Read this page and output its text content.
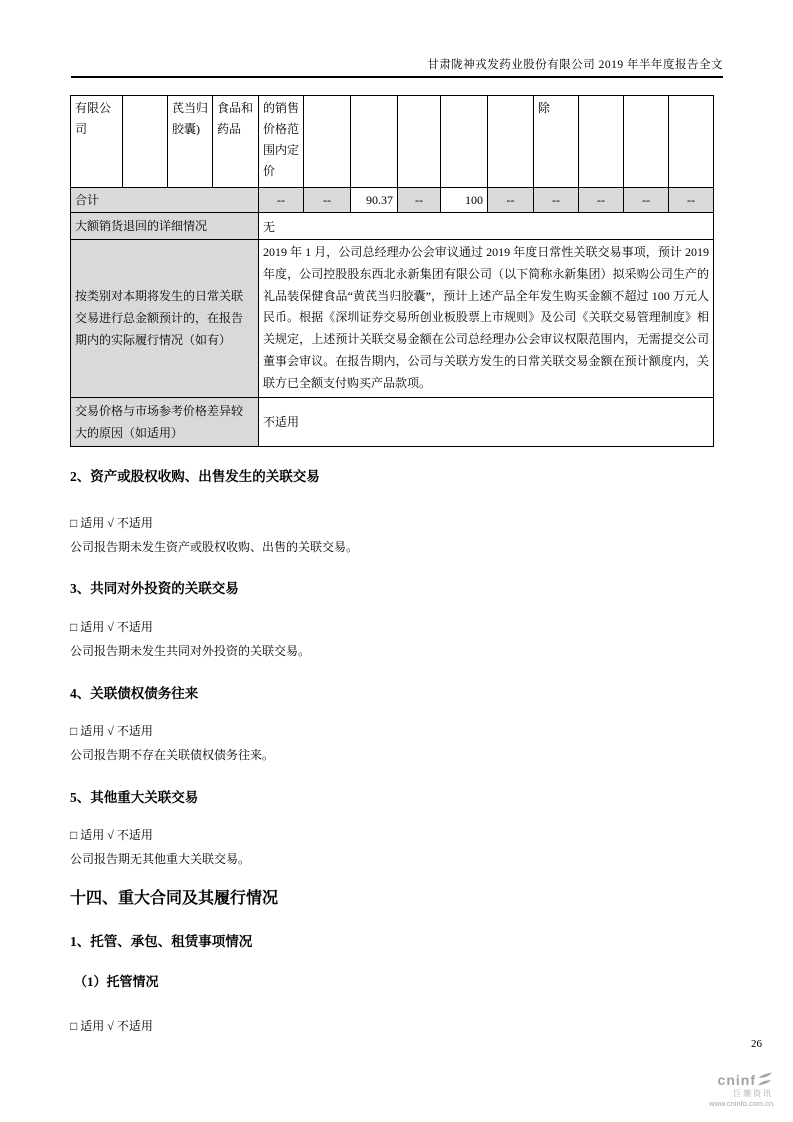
甘肃陇神戎发药业股份有限公司 2019 年半年度报告全文
有限公司		芪当归胶囊)	食品和药品	的销售价格范围内定价						除			
合计				--	--	90.37	--	100	--	--	--	--	--
大额销货退回的详细情况				无									
按类别对本期将发生的日常关联交易进行总金额预计的，在报告期内的实际履行情况（如有）				2019 年 1 月，公司总经理办公会审议通过 2019 年度日常性关联交易事项，预计 2019 年度，公司控股股东西北永新集团有限公司（以下简称永新集团）拟采购公司生产的礼品装保健食品“黄芪当归胶囊”，预计上述产品全年发生购买金额不超过 100 万元人民币。根据《深圳证券交易所创业板股票上市规则》及公司《关联交易管理制度》相关规定，上述预计关联交易金额在公司总经理办公会审议权限范围内，无需提交公司董事会审议。在报告期内，公司与关联方发生的日常关联交易金额在预计额度内，关联方已全额支付购买产品款项。									
交易价格与市场参考价格差异较大的原因（如适用）				不适用									
2、资产或股权收购、出售发生的关联交易
□ 适用 √ 不适用
公司报告期未发生资产或股权收购、出售的关联交易。
3、共同对外投资的关联交易
□ 适用 √ 不适用
公司报告期未发生共同对外投资的关联交易。
4、关联债权债务往来
□ 适用 √ 不适用
公司报告期不存在关联债权债务往来。
5、其他重大关联交易
□ 适用 √ 不适用
公司报告期无其他重大关联交易。
十四、重大合同及其履行情况
1、托管、承包、租赁事项情况
（1）托管情况
□ 适用 √ 不适用
26
cninf
巨潮资讯
www.cninfo.com.cn
